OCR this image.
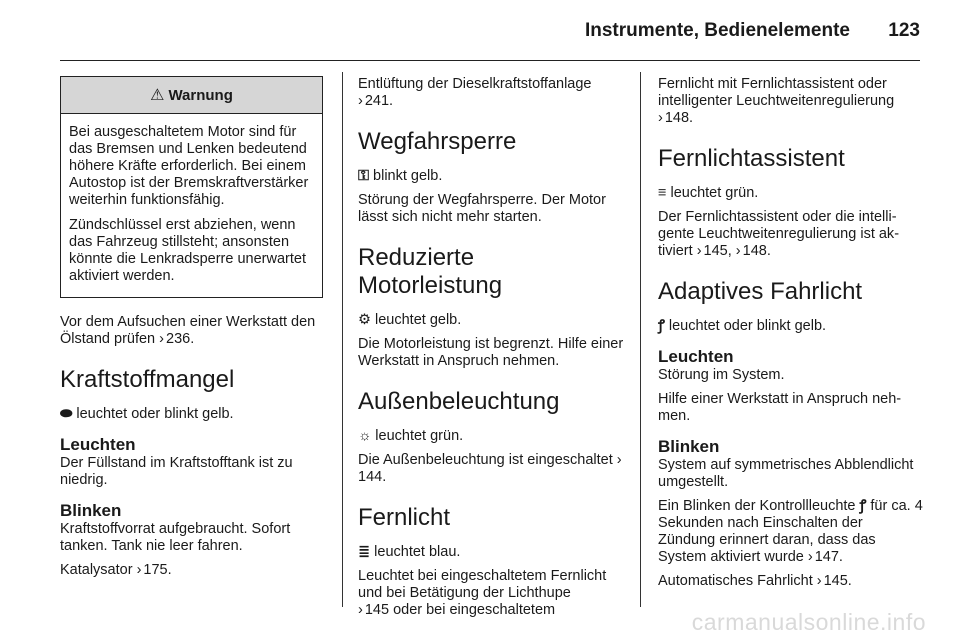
Instrumente, Bedienelemente 123
⚠ Warnung

Bei ausgeschaltetem Motor sind für das Bremsen und Lenken bedeutend höhere Kräfte erforderlich. Bei einem Autostop ist der Bremskraftverstärker weiterhin funktionsfähig.

Zündschlüssel erst abziehen, wenn das Fahrzeug stillsteht; ansonsten könnte die Lenkradsperre unerwartet aktiviert werden.

Vor dem Aufsuchen einer Werkstatt den Ölstand prüfen › 236.

Kraftstoffmangel

⬬ leuchtet oder blinkt gelb.

Leuchten

Der Füllstand im Kraftstofftank ist zu niedrig.

Blinken

Kraftstoffvorrat aufgebraucht. Sofort tanken. Tank nie leer fahren.

Katalysator › 175.

Entlüftung der Dieselkraftstoffanlage
› 241.

Wegfahrsperre

⚿ blinkt gelb.

Störung der Wegfahrsperre. Der Motor lässt sich nicht mehr starten.

Reduzierte Motorleistung

⚙ leuchtet gelb.

Die Motorleistung ist begrenzt. Hilfe einer Werkstatt in Anspruch nehmen.

Außenbeleuchtung

☼ leuchtet grün.

Die Außenbeleuchtung ist eingeschaltet ›144.

Fernlicht

≣ leuchtet blau.

Leuchtet bei eingeschaltetem Fernlicht und bei Betätigung der Lichthupe
› 145 oder bei eingeschaltetem

Fernlicht mit Fernlichtassistent oder intelligenter Leuchtweitenregulierung
› 148.

Fernlichtassistent

≡ leuchtet grün.

Der Fernlichtassistent oder die intelligente Leuchtweitenregulierung ist aktiviert › 145, › 148.

Adaptives Fahrlicht

ꝭ leuchtet oder blinkt gelb.

Leuchten

Störung im System.

Hilfe einer Werkstatt in Anspruch nehmen.

Blinken

System auf symmetrisches Abblendlicht umgestellt.

Ein Blinken der Kontrollleuchte ꝭ für ca. 4 Sekunden nach Einschalten der Zündung erinnert daran, dass das System aktiviert wurde › 147.

Automatisches Fahrlicht › 145.

carmanualsonline.info
